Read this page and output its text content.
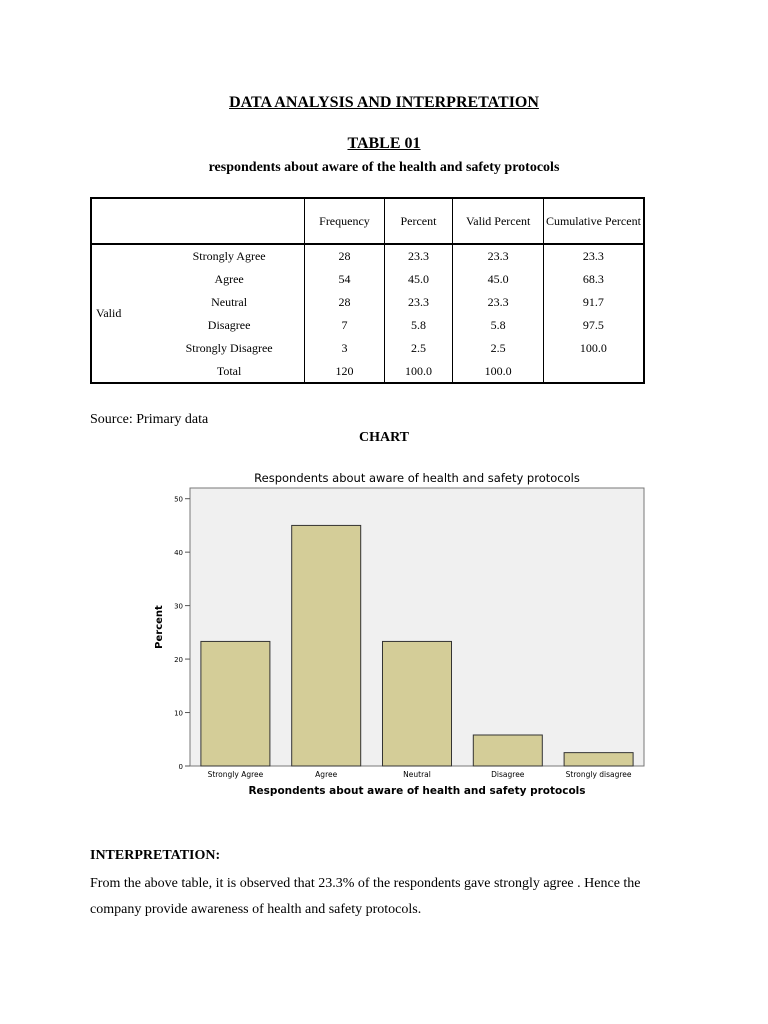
DATA ANALYSIS AND INTERPRETATION
TABLE 01
respondents about aware of the health and safety protocols
		Frequency	Percent	Valid Percent	Cumulative Percent
Valid	Strongly Agree	28	23.3	23.3	23.3
	Agree	54	45.0	45.0	68.3
	Neutral	28	23.3	23.3	91.7
	Disagree	7	5.8	5.8	97.5
	Strongly Disagree	3	2.5	2.5	100.0
	Total	120	100.0	100.0	
Source: Primary data
CHART
Respondents about aware of health and safety protocols
0
10
20
30
40
50
Percent
Strongly Agree	Agree	Neutral	Disagree	Strongly disagree
Respondents about aware of health and safety protocols
INTERPRETATION:
From the above table, it is observed that 23.3% of the respondents gave strongly agree . Hence the company provide awareness of health and safety protocols.
